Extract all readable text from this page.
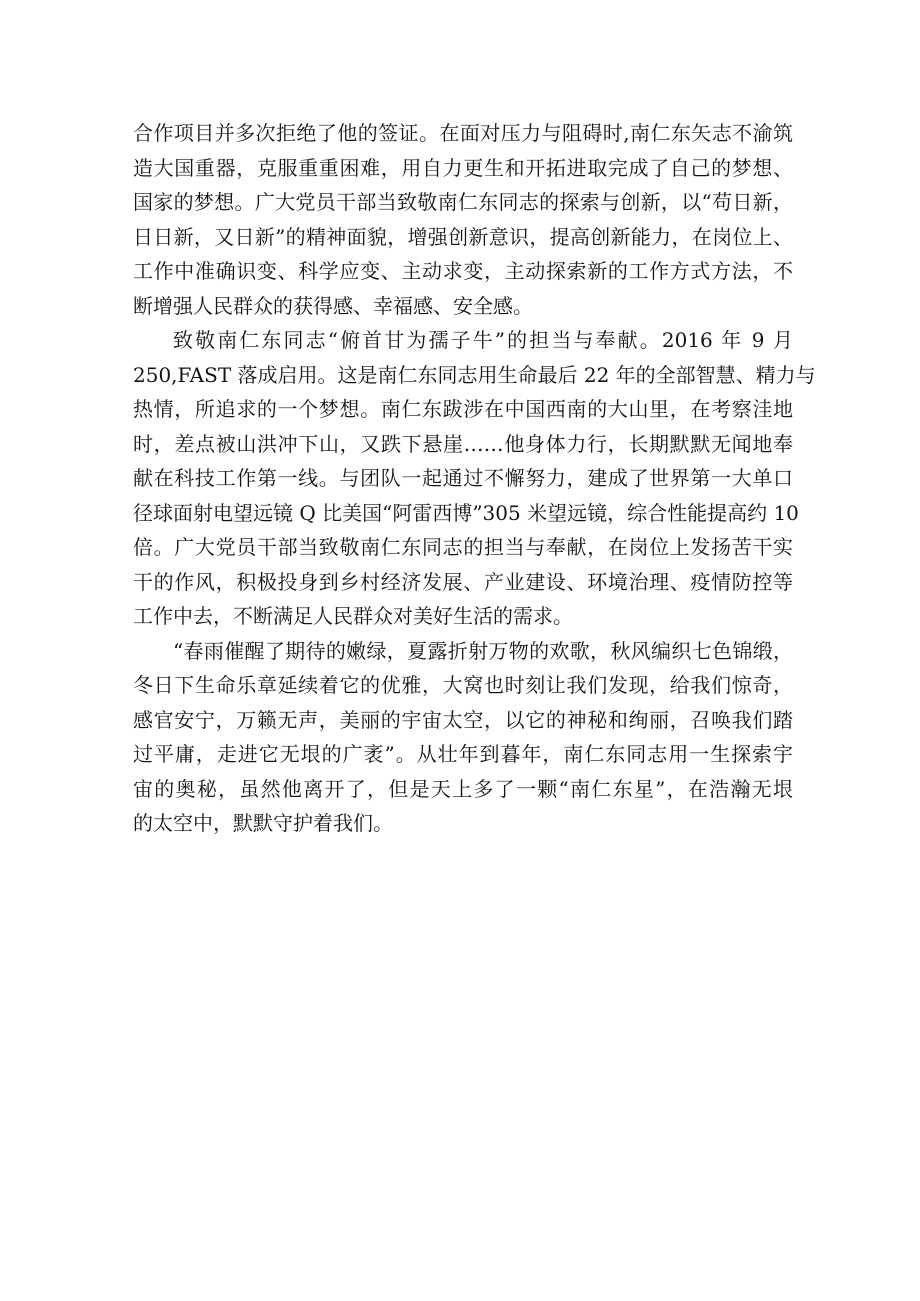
合作项目并多次拒绝了他的签证。在面对压力与阻碍时,南仁东矢志不渝筑
造大国重器，克服重重困难，用自力更生和开拓进取完成了自己的梦想、
国家的梦想。广大党员干部当致敬南仁东同志的探索与创新，以“苟日新，
日日新，又日新”的精神面貌，增强创新意识，提高创新能力，在岗位上、
工作中准确识变、科学应变、主动求变，主动探索新的工作方式方法，不
断增强人民群众的获得感、幸福感、安全感。
致敬南仁东同志“俯首甘为孺子牛”的担当与奉献。2016 年 9 月
250,FAST 落成启用。这是南仁东同志用生命最后 22 年的全部智慧、精力与
热情，所追求的一个梦想。南仁东跋涉在中国西南的大山里，在考察洼地
时，差点被山洪冲下山，又跌下悬崖……他身体力行，长期默默无闻地奉
献在科技工作第一线。与团队一起通过不懈努力，建成了世界第一大单口
径球面射电望远镜 Q 比美国“阿雷西博”305 米望远镜，综合性能提高约 10
倍。广大党员干部当致敬南仁东同志的担当与奉献，在岗位上发扬苦干实
干的作风，积极投身到乡村经济发展、产业建设、环境治理、疫情防控等
工作中去，不断满足人民群众对美好生活的需求。
“春雨催醒了期待的嫩绿，夏露折射万物的欢歌，秋风编织七色锦缎，
冬日下生命乐章延续着它的优雅，大窝也时刻让我们发现，给我们惊奇，
感官安宁，万籁无声，美丽的宇宙太空，以它的神秘和绚丽，召唤我们踏
过平庸，走进它无垠的广袤”。从壮年到暮年，南仁东同志用一生探索宇
宙的奥秘，虽然他离开了，但是天上多了一颗“南仁东星”，在浩瀚无垠
的太空中，默默守护着我们。
